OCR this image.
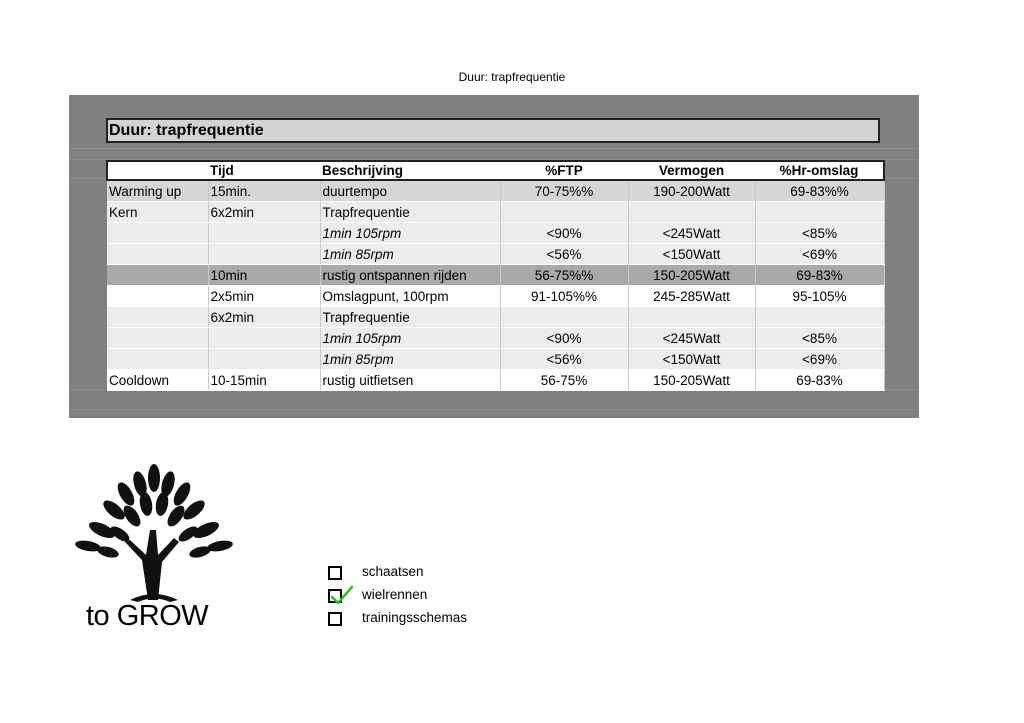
Duur: trapfrequentie
Duur: trapfrequentie
	Tijd	Beschrijving	%FTP	Vermogen	%Hr-omslag
Warming up	15min.	duurtempo	70-75%%	190-200Watt	69-83%%
Kern	6x2min	Trapfrequentie			
		1min 105rpm	<90%	<245Watt	<85%
		1min 85rpm	<56%	<150Watt	<69%
	10min	rustig ontspannen rijden	56-75%%	150-205Watt	69-83%
	2x5min	Omslagpunt, 100rpm	91-105%%	245-285Watt	95-105%
	6x2min	Trapfrequentie			
		1min 105rpm	<90%	<245Watt	<85%
		1min 85rpm	<56%	<150Watt	<69%
Cooldown	10-15min	rustig uitfietsen	56-75%	150-205Watt	69-83%
to GROW
schaatsen
wielrennen
trainingsschemas
